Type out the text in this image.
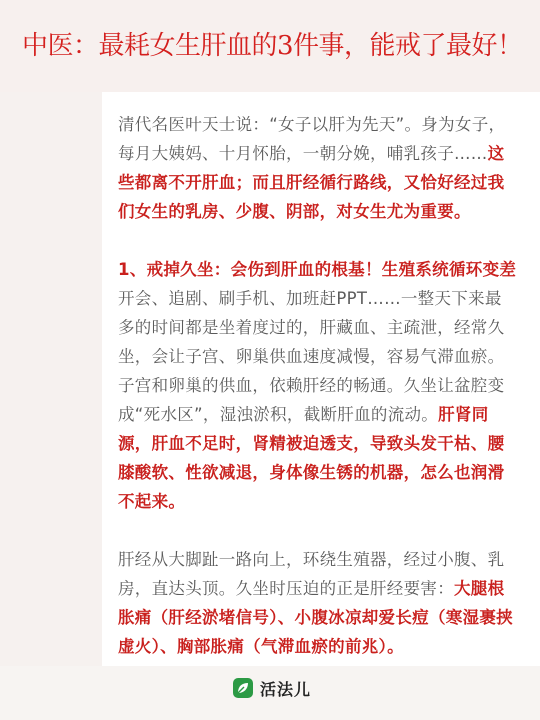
中医：最耗女生肝血的3件事，能戒了最好！

清代名医叶天士说：“女子以肝为先天”。身为女子，每月大姨妈、十月怀胎，一朝分娩，哺乳孩子……这些都离不开肝血；而且肝经循行路线，又恰好经过我们女生的乳房、少腹、阴部，对女生尤为重要。

1、戒掉久坐：会伤到肝血的根基！生殖系统循环变差开会、追剧、刷手机、加班赶PPT……一整天下来最多的时间都是坐着度过的，肝藏血、主疏泄，经常久坐，会让子宫、卵巢供血速度减慢，容易气滞血瘀。子宫和卵巢的供血，依赖肝经的畅通。久坐让盆腔变成“死水区”，湿浊淤积，截断肝血的流动。肝肾同源，肝血不足时，肾精被迫透支，导致头发干枯、腰膝酸软、性欲减退，身体像生锈的机器，怎么也润滑不起来。

肝经从大脚趾一路向上，环绕生殖器，经过小腹、乳房，直达头顶。久坐时压迫的正是肝经要害：大腿根胀痛（肝经淤堵信号）、小腹冰凉却爱长痘（寒湿裹挟虚火）、胸部胀痛（气滞血瘀的前兆）。

活法儿
